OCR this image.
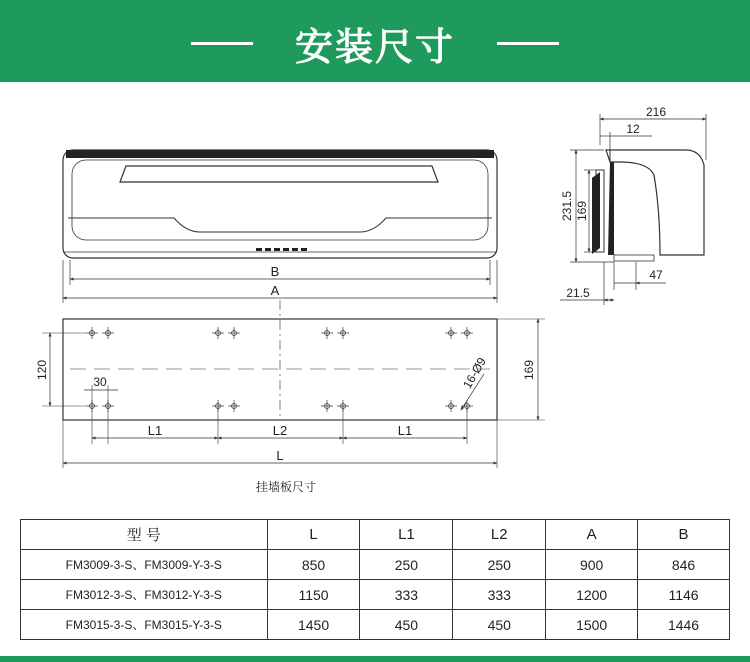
安装尺寸
B
A
216
12
231.5 169
47
21.5
120	169
30	16-Ø9
L1	L2	L1
L
挂墙板尺寸
型 号	L	L1	L2	A	B
FM3009-3-S、FM3009-Y-3-S	850	250	250	900	846
FM3012-3-S、FM3012-Y-3-S	1150	333	333	1200	1146
FM3015-3-S、FM3015-Y-3-S	1450	450	450	1500	1446
